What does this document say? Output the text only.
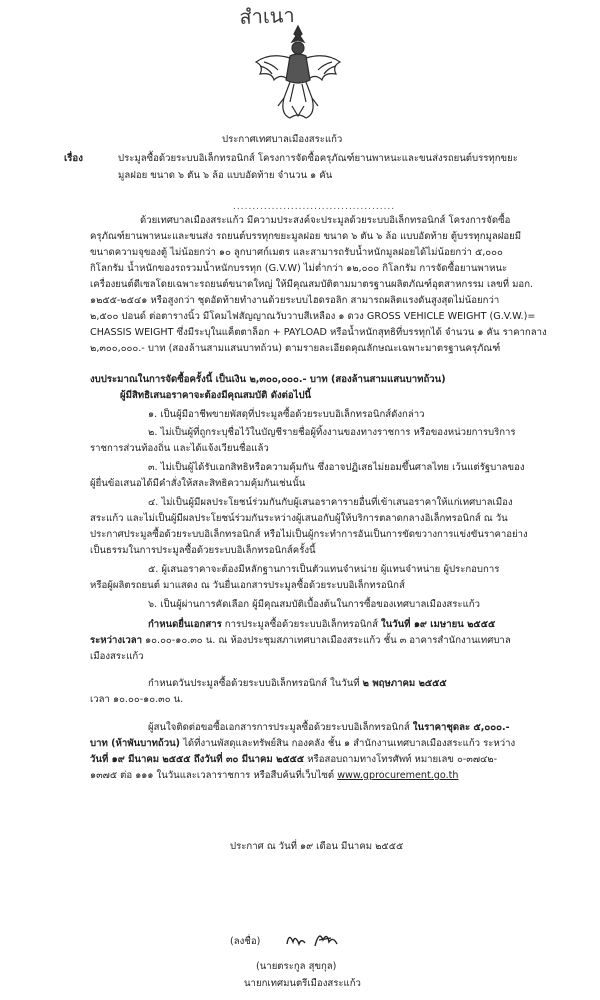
สำเนา
ประกาศเทศบาลเมืองสระแก้ว
เรื่อง	ประมูลซื้อด้วยระบบอิเล็กทรอนิกส์ โครงการจัดซื้อครุภัณฑ์ยานพาหนะและขนส่งรถยนต์บรรทุกขยะ
มูลฝอย ขนาด ๖ ตัน ๖ ล้อ แบบอัดท้าย จำนวน ๑ คัน
..........................................
ด้วยเทศบาลเมืองสระแก้ว มีความประสงค์จะประมูลด้วยระบบอิเล็กทรอนิกส์ โครงการจัดซื้อ
ครุภัณฑ์ยานพาหนะและขนส่ง รถยนต์บรรทุกขยะมูลฝอย ขนาด ๖ ตัน ๖ ล้อ แบบอัดท้าย ตู้บรรทุกมูลฝอยมี
ขนาดความจุของตู้ ไม่น้อยกว่า ๑๐ ลูกบาศก์เมตร และสามารถรับน้ำหนักมูลฝอยได้ไม่น้อยกว่า ๕,๐๐๐
กิโลกรัม น้ำหนักของรถรวมน้ำหนักบรรทุก (G.V.W) ไม่ต่ำกว่า ๑๒,๐๐๐ กิโลกรัม การจัดซื้อยานพาหนะ
เครื่องยนต์ดีเซลโดยเฉพาะรถยนต์ขนาดใหญ่ ให้มีคุณสมบัติตามมาตรฐานผลิตภัณฑ์อุตสาหกรรม เลขที่ มอก.
๑๒๕๕-๒๕๔๑ หรือสูงกว่า ชุดอัดท้ายทำงานด้วยระบบไฮดรอลิก สามารถผลิตแรงดันสูงสุดไม่น้อยกว่า
๒,๕๐๐ ปอนด์ ต่อตารางนิ้ว มีโคมไฟสัญญาณวับวาบสีเหลือง ๑ ดวง GROSS VEHICLE WEIGHT (G.V.W.)=
CHASSIS WEIGHT ซึ่งมีระบุในแค็ตตาล็อก + PAYLOAD หรือน้ำหนักสุทธิที่บรรทุกได้ จำนวน ๑ คัน ราคากลาง
๒,๓๐๐,๐๐๐.- บาท (สองล้านสามแสนบาทถ้วน) ตามรายละเอียดคุณลักษณะเฉพาะมาตรฐานครุภัณฑ์
งบประมาณในการจัดซื้อครั้งนี้ เป็นเงิน ๒,๓๐๐,๐๐๐.- บาท (สองล้านสามแสนบาทถ้วน)
ผู้มีสิทธิเสนอราคาจะต้องมีคุณสมบัติ ดังต่อไปนี้
๑. เป็นผู้มีอาชีพขายพัสดุที่ประมูลซื้อด้วยระบบอิเล็กทรอนิกส์ดังกล่าว
๒. ไม่เป็นผู้ที่ถูกระบุชื่อไว้ในบัญชีรายชื่อผู้ทิ้งงานของทางราชการ หรือของหน่วยการบริการ
ราชการส่วนท้องถิ่น และได้แจ้งเวียนชื่อแล้ว
๓. ไม่เป็นผู้ได้รับเอกสิทธิหรือความคุ้มกัน ซึ่งอาจปฏิเสธไม่ยอมขึ้นศาลไทย เว้นแต่รัฐบาลของ
ผู้ยื่นข้อเสนอได้มีคำสั่งให้สละสิทธิความคุ้มกันเช่นนั้น
๔. ไม่เป็นผู้มีผลประโยชน์ร่วมกันกับผู้เสนอราคารายอื่นที่เข้าเสนอราคาให้แก่เทศบาลเมือง
สระแก้ว และไม่เป็นผู้มีผลประโยชน์ร่วมกันระหว่างผู้เสนอกับผู้ให้บริการตลาดกลางอิเล็กทรอนิกส์ ณ วัน
ประกาศประมูลซื้อด้วยระบบอิเล็กทรอนิกส์ หรือไม่เป็นผู้กระทำการอันเป็นการขัดขวางการแข่งขันราคาอย่าง
เป็นธรรมในการประมูลซื้อด้วยระบบอิเล็กทรอนิกส์ครั้งนี้
๕. ผู้เสนอราคาจะต้องมีหลักฐานการเป็นตัวแทนจำหน่าย ผู้แทนจำหน่าย ผู้ประกอบการ
หรือผู้ผลิตรถยนต์ มาแสดง ณ วันยื่นเอกสารประมูลซื้อด้วยระบบอิเล็กทรอนิกส์
๖. เป็นผู้ผ่านการคัดเลือก ผู้มีคุณสมบัติเบื้องต้นในการซื้อของเทศบาลเมืองสระแก้ว
กำหนดยื่นเอกสาร การประมูลซื้อด้วยระบบอิเล็กทรอนิกส์ ในวันที่ ๑๙ เมษายน ๒๕๕๕
ระหว่างเวลา ๑๐.๐๐-๑๐.๓๐ น. ณ ห้องประชุมสภาเทศบาลเมืองสระแก้ว ชั้น ๓ อาคารสำนักงานเทศบาล
เมืองสระแก้ว
กำหนดวันประมูลซื้อด้วยระบบอิเล็กทรอนิกส์ ในวันที่ ๒ พฤษภาคม ๒๕๕๕
เวลา ๑๐.๐๐-๑๐.๓๐ น.
ผู้สนใจติดต่อขอซื้อเอกสารการประมูลซื้อด้วยระบบอิเล็กทรอนิกส์ ในราคาชุดละ ๕,๐๐๐.-
บาท (ห้าพันบาทถ้วน) ได้ที่งานพัสดุและทรัพย์สิน กองคลัง ชั้น ๑ สำนักงานเทศบาลเมืองสระแก้ว ระหว่าง
วันที่ ๑๙ มีนาคม ๒๕๕๕ ถึงวันที่ ๓๐ มีนาคม ๒๕๕๕ หรือสอบถามทางโทรศัพท์ หมายเลข ๐-๓๗๔๒-
๑๓๗๕ ต่อ ๑๑๑ ในวันและเวลาราชการ หรือสืบค้นที่เว็บไซต์ www.gprocurement.go.th
ประกาศ ณ วันที่ ๑๙ เดือน มีนาคม ๒๕๕๕
(ลงชื่อ)
(นายตระกูล สุขกุล)
นายกเทศมนตรีเมืองสระแก้ว
